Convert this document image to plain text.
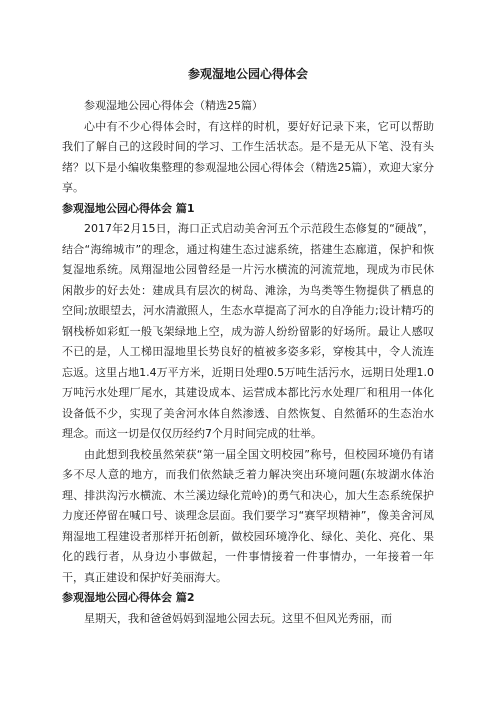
参观湿地公园心得体会

参观湿地公园心得体会（精选25篇）

心中有不少心得体会时，有这样的时机，要好好记录下来，它可以帮助我们了解自己的这段时间的学习、工作生活状态。是不是无从下笔、没有头绪？以下是小编收集整理的参观湿地公园心得体会（精选25篇），欢迎大家分享。

参观湿地公园心得体会 篇1

2017年2月15日，海口正式启动美舍河五个示范段生态修复的“硬战”，结合“海绵城市”的理念，通过构建生态过滤系统，搭建生态廊道，保护和恢复湿地系统。凤翔湿地公园曾经是一片污水横流的河流荒地，现成为市民休闲散步的好去处：建成具有层次的树岛、滩涂，为鸟类等生物提供了栖息的空间;放眼望去，河水清澈照人，生态水草提高了河水的自净能力;设计精巧的钢栈桥如彩虹一般飞架绿地上空，成为游人纷纷留影的好场所。最让人感叹不已的是，人工梯田湿地里长势良好的植被多姿多彩，穿梭其中，令人流连忘返。这里占地1.4万平方米，近期日处理0.5万吨生活污水，远期日处理1.0万吨污水处理厂尾水，其建设成本、运营成本都比污水处理厂和租用一体化设备低不少，实现了美舍河水体自然渗透、自然恢复、自然循环的生态治水理念。而这一切是仅仅历经约7个月时间完成的壮举。

由此想到我校虽然荣获“第一届全国文明校园”称号，但校园环境仍有诸多不尽人意的地方，而我们依然缺乏着力解决突出环境问题(东坡湖水体治理、排洪沟污水横流、木兰溪边绿化荒岭)的勇气和决心，加大生态系统保护力度还停留在喊口号、谈理念层面。我们要学习“赛罕坝精神”，像美舍河凤翔湿地工程建设者那样开拓创新，做校园环境净化、绿化、美化、亮化、果化的践行者，从身边小事做起，一件事情接着一件事情办，一年接着一年干，真正建设和保护好美丽海大。

参观湿地公园心得体会 篇2

星期天，我和爸爸妈妈到湿地公园去玩。这里不但风光秀丽，而
